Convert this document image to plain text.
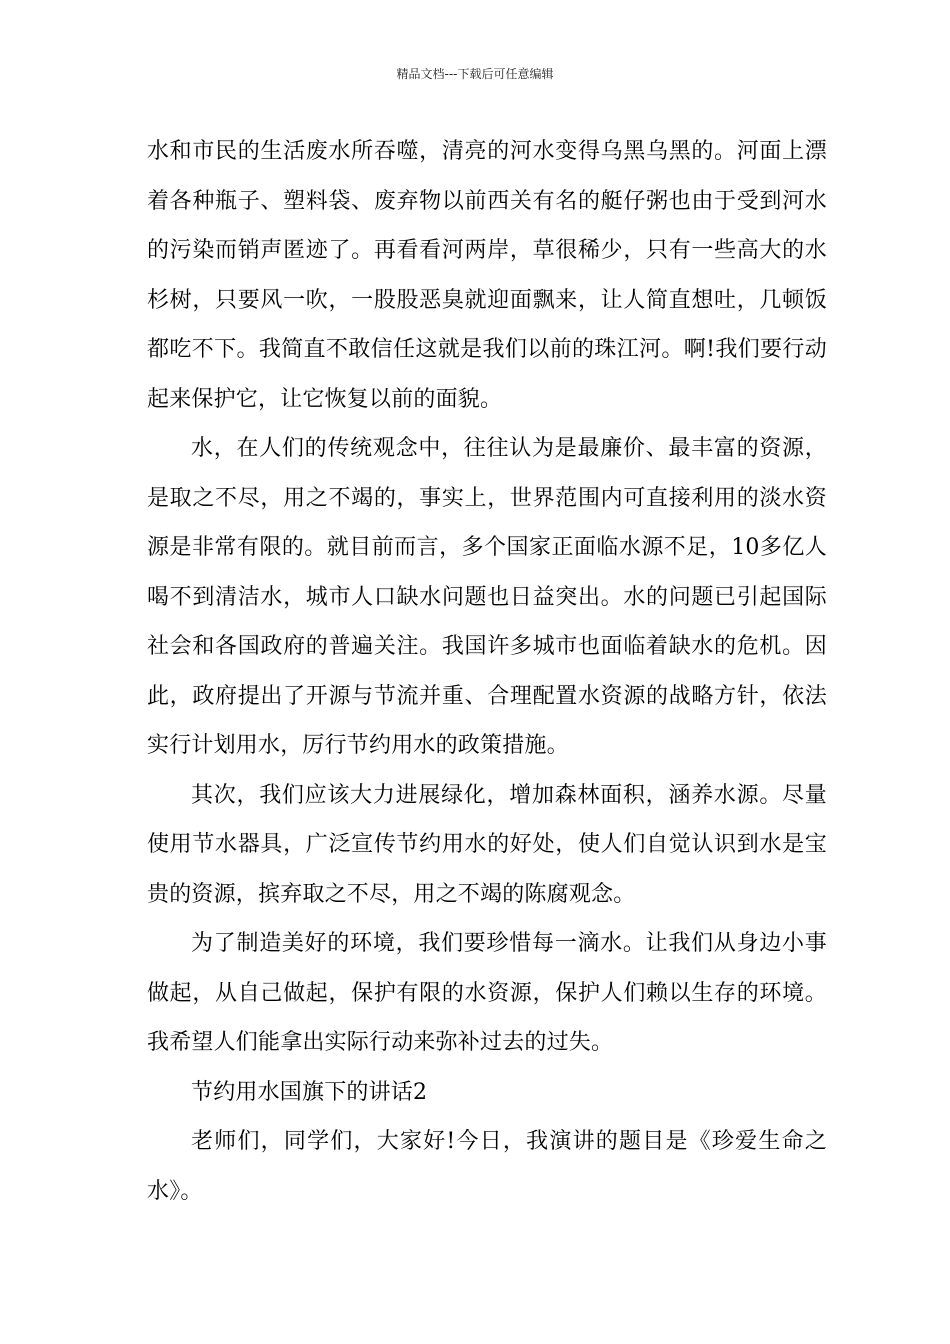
精品文档---下载后可任意编辑

水和市民的生活废水所吞噬，清亮的河水变得乌黑乌黑的。河面上漂着各种瓶子、塑料袋、废弃物以前西关有名的艇仔粥也由于受到河水的污染而销声匿迹了。再看看河两岸，草很稀少，只有一些高大的水杉树，只要风一吹，一股股恶臭就迎面飘来，让人简直想吐，几顿饭都吃不下。我简直不敢信任这就是我们以前的珠江河。啊!我们要行动起来保护它，让它恢复以前的面貌。

水，在人们的传统观念中，往往认为是最廉价、最丰富的资源，是取之不尽，用之不竭的，事实上，世界范围内可直接利用的淡水资源是非常有限的。就目前而言，多个国家正面临水源不足，10多亿人喝不到清洁水，城市人口缺水问题也日益突出。水的问题已引起国际社会和各国政府的普遍关注。我国许多城市也面临着缺水的危机。因此，政府提出了开源与节流并重、合理配置水资源的战略方针，依法实行计划用水，厉行节约用水的政策措施。

其次，我们应该大力进展绿化，增加森林面积，涵养水源。尽量使用节水器具，广泛宣传节约用水的好处，使人们自觉认识到水是宝贵的资源，摈弃取之不尽，用之不竭的陈腐观念。

为了制造美好的环境，我们要珍惜每一滴水。让我们从身边小事做起，从自己做起，保护有限的水资源，保护人们赖以生存的环境。我希望人们能拿出实际行动来弥补过去的过失。

节约用水国旗下的讲话2

老师们，同学们，大家好!今日，我演讲的题目是《珍爱生命之水》。
